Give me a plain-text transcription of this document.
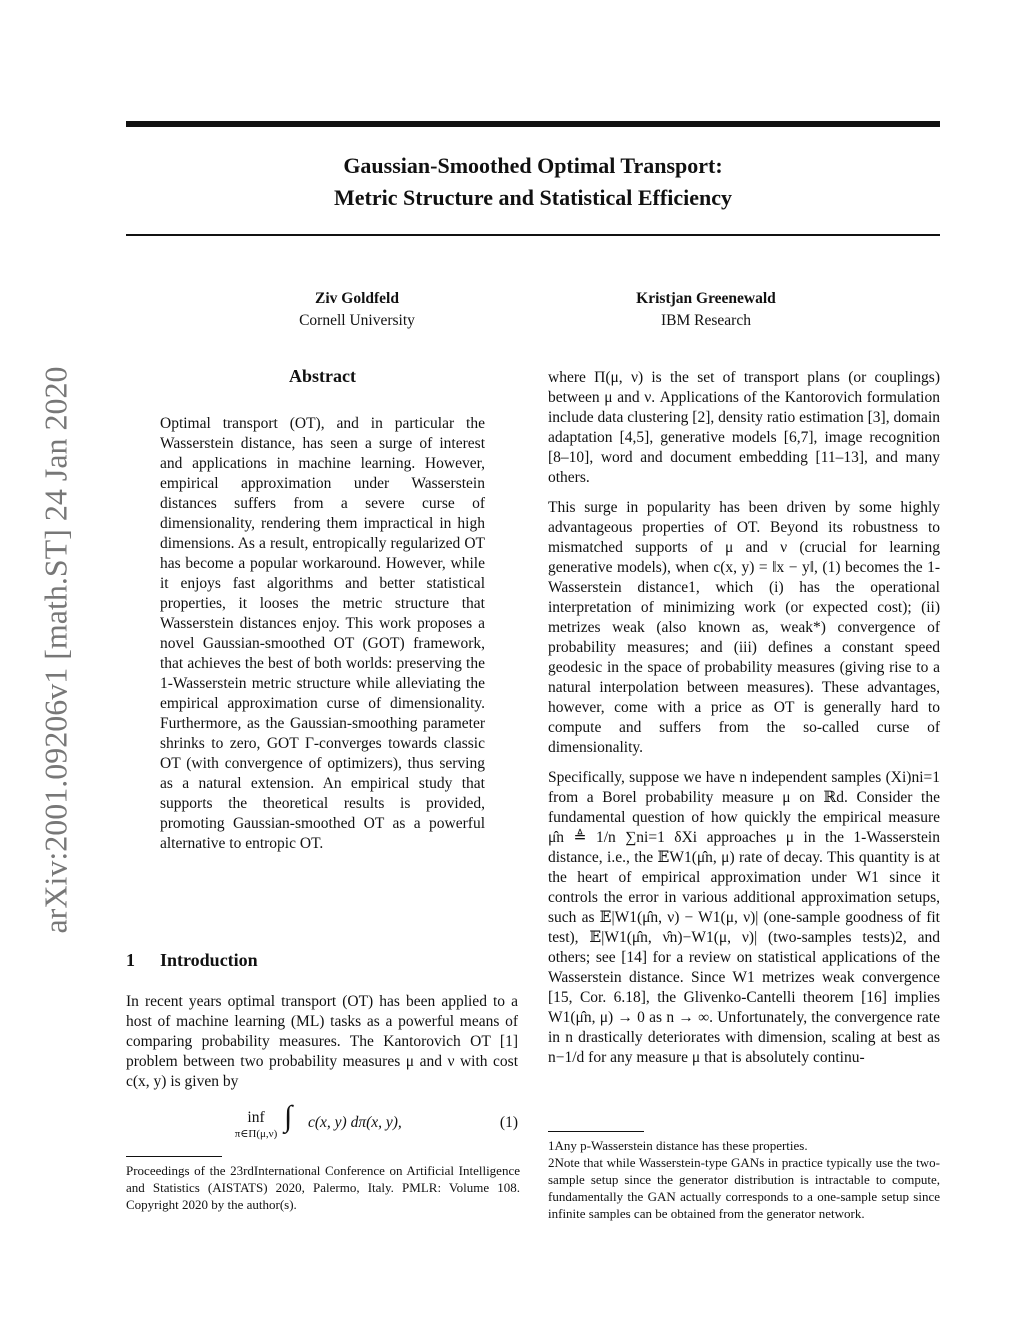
Gaussian-Smoothed Optimal Transport:
Metric Structure and Statistical Efficiency
Ziv Goldfeld
Cornell University
Kristjan Greenewald
IBM Research
arXiv:2001.09206v1 [math.ST] 24 Jan 2020	Abstract

Optimal transport (OT), and in particular the Wasserstein distance, has seen a surge of interest and applications in machine learning. However, empirical approximation under Wasserstein distances suffers from a severe curse of dimensionality, rendering them impractical in high dimensions. As a result, entropically regularized OT has become a popular workaround. However, while it enjoys fast algorithms and better statistical properties, it looses the metric structure that Wasserstein distances enjoy. This work proposes a novel Gaussian-smoothed OT (GOT) framework, that achieves the best of both worlds: preserving the 1-Wasserstein metric structure while alleviating the empirical approximation curse of dimensionality. Furthermore, as the Gaussian-smoothing parameter shrinks to zero, GOT Γ-converges towards classic OT (with convergence of optimizers), thus serving as a natural extension. An empirical study that supports the theoretical results is provided, promoting Gaussian-smoothed OT as a powerful alternative to entropic OT.

1 Introduction

In recent years optimal transport (OT) has been applied to a host of machine learning (ML) tasks as a powerful means of comparing probability measures. The Kantorovich OT [1] problem between two probability measures μ and ν with cost c(x, y) is given by

inf
π∈Π(μ,ν)
∫ c(x, y) dπ(x, y),	(1)

Proceedings of the 23rdInternational Conference on Artificial Intelligence and Statistics (AISTATS) 2020, Palermo, Italy. PMLR: Volume 108. Copyright 2020 by the author(s).

where Π(μ, ν) is the set of transport plans (or couplings) between μ and ν. Applications of the Kantorovich formulation include data clustering [2], density ratio estimation [3], domain adaptation [4,5], generative models [6,7], image recognition [8–10], word and document embedding [11–13], and many others.

This surge in popularity has been driven by some highly advantageous properties of OT. Beyond its robustness to mismatched supports of μ and ν (crucial for learning generative models), when c(x, y) = ‖x − y‖, (1) becomes the 1-Wasserstein distance1, which (i) has the operational interpretation of minimizing work (or expected cost); (ii) metrizes weak (also known as, weak*) convergence of probability measures; and (iii) defines a constant speed geodesic in the space of probability measures (giving rise to a natural interpolation between measures). These advantages, however, come with a price as OT is generally hard to compute and suffers from the so-called curse of dimensionality.

Specifically, suppose we have n independent samples (Xi)ni=1 from a Borel probability measure μ on ℝd. Consider the fundamental question of how quickly the empirical measure μ̂n ≜ 1/n ∑ni=1 δXi approaches μ in the 1-Wasserstein distance, i.e., the 𝔼W1(μ̂n, μ) rate of decay. This quantity is at the heart of empirical approximation under W1 since it controls the error in various additional approximation setups, such as 𝔼|W1(μ̂n, ν) − W1(μ, ν)| (one-sample goodness of fit test), 𝔼|W1(μ̂n, ν̂n)−W1(μ, ν)| (two-samples tests)2, and others; see [14] for a review on statistical applications of the Wasserstein distance. Since W1 metrizes weak convergence [15, Cor. 6.18], the Glivenko-Cantelli theorem [16] implies W1(μ̂n, μ) → 0 as n → ∞. Unfortunately, the convergence rate in n drastically deteriorates with dimension, scaling at best as n−1/d for any measure μ that is absolutely continu-

1Any p-Wasserstein distance has these properties.

2Note that while Wasserstein-type GANs in practice typically use the two-sample setup since the generator distribution is intractable to compute, fundamentally the GAN actually corresponds to a one-sample setup since infinite samples can be obtained from the generator network.
